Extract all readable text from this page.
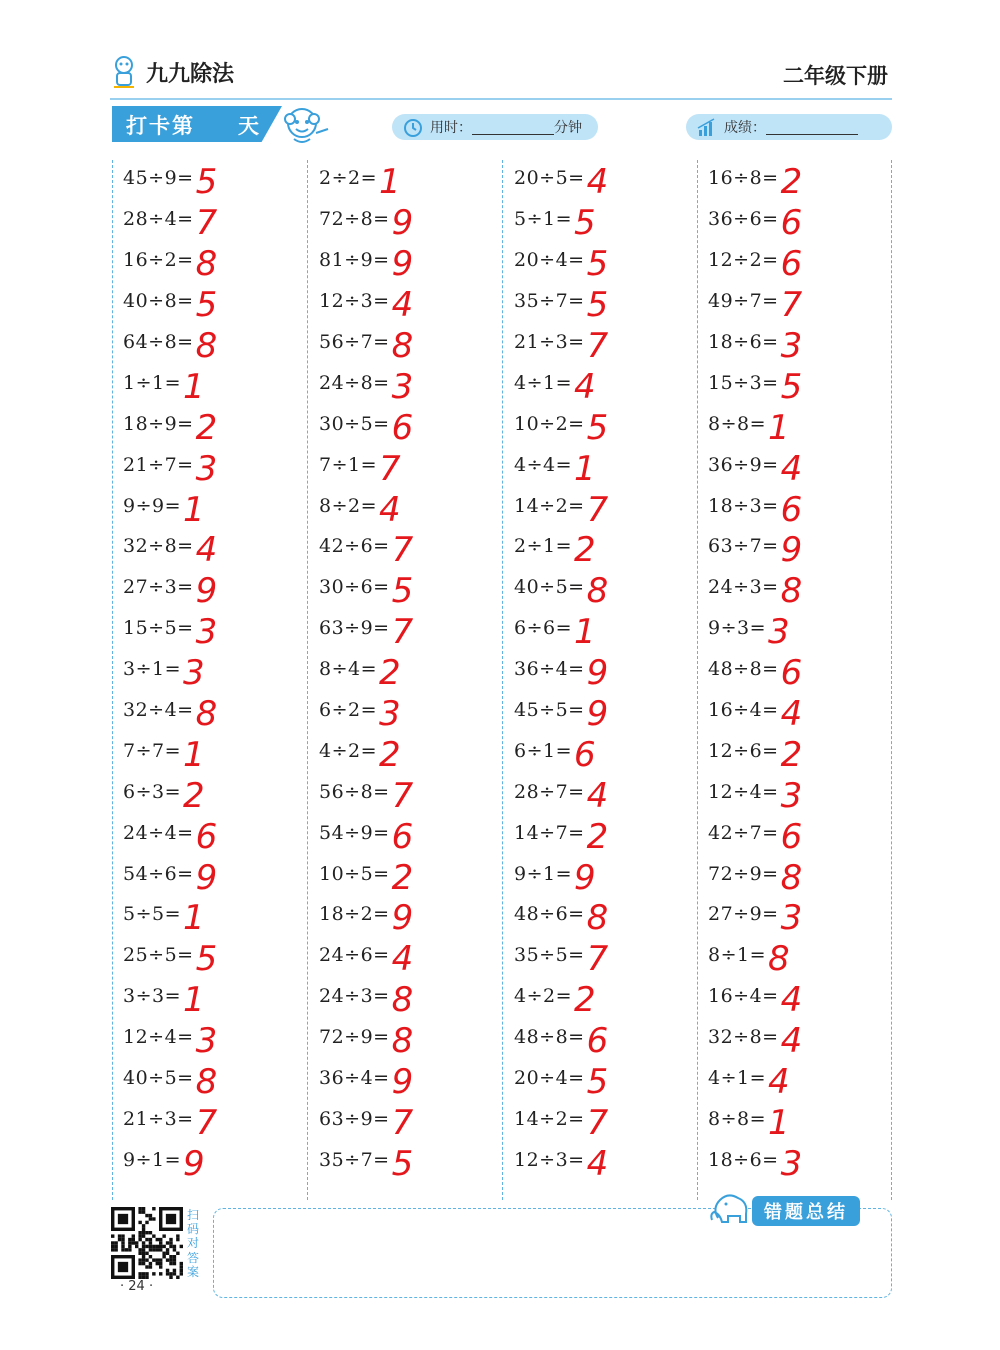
九九除法	二年级下册
打卡第 天	用时：	分钟	成绩：
45÷9= 5
28÷4= 7
16÷2= 8
40÷8= 5
64÷8= 8
1÷1= 1
18÷9= 2
21÷7= 3
9÷9= 1
32÷8= 4
27÷3= 9
15÷5= 3
3÷1= 3
32÷4= 8
7÷7= 1
6÷3= 2
24÷4= 6
54÷6= 9
5÷5= 1
25÷5= 5
3÷3= 1
12÷4= 3
40÷5= 8
21÷3= 7
9÷1= 9
2÷2= 1
72÷8= 9
81÷9= 9
12÷3= 4
56÷7= 8
24÷8= 3
30÷5= 6
7÷1= 7
8÷2= 4
42÷6= 7
30÷6= 5
63÷9= 7
8÷4= 2
6÷2= 3
4÷2= 2
56÷8= 7
54÷9= 6
10÷5= 2
18÷2= 9
24÷6= 4
24÷3= 8
72÷9= 8
36÷4= 9
63÷9= 7
35÷7= 5
20÷5= 4
5÷1= 5
20÷4= 5
35÷7= 5
21÷3= 7
4÷1= 4
10÷2= 5
4÷4= 1
14÷2= 7
2÷1= 2
40÷5= 8
6÷6= 1
36÷4= 9
45÷5= 9
6÷1= 6
28÷7= 4
14÷7= 2
9÷1= 9
48÷6= 8
35÷5= 7
4÷2= 2
48÷8= 6
20÷4= 5
14÷2= 7
12÷3= 4
16÷8= 2
36÷6= 6
12÷2= 6
49÷7= 7
18÷6= 3
15÷3= 5
8÷8= 1
36÷9= 4
18÷3= 6
63÷7= 9
24÷3= 8
9÷3= 3
48÷8= 6
16÷4= 4
12÷6= 2
12÷4= 3
42÷7= 6
72÷9= 8
27÷9= 3
8÷1= 8
16÷4= 4
32÷8= 4
4÷1= 4
8÷8= 1
18÷6= 3
扫码对答案
· 24 ·
错题总结
